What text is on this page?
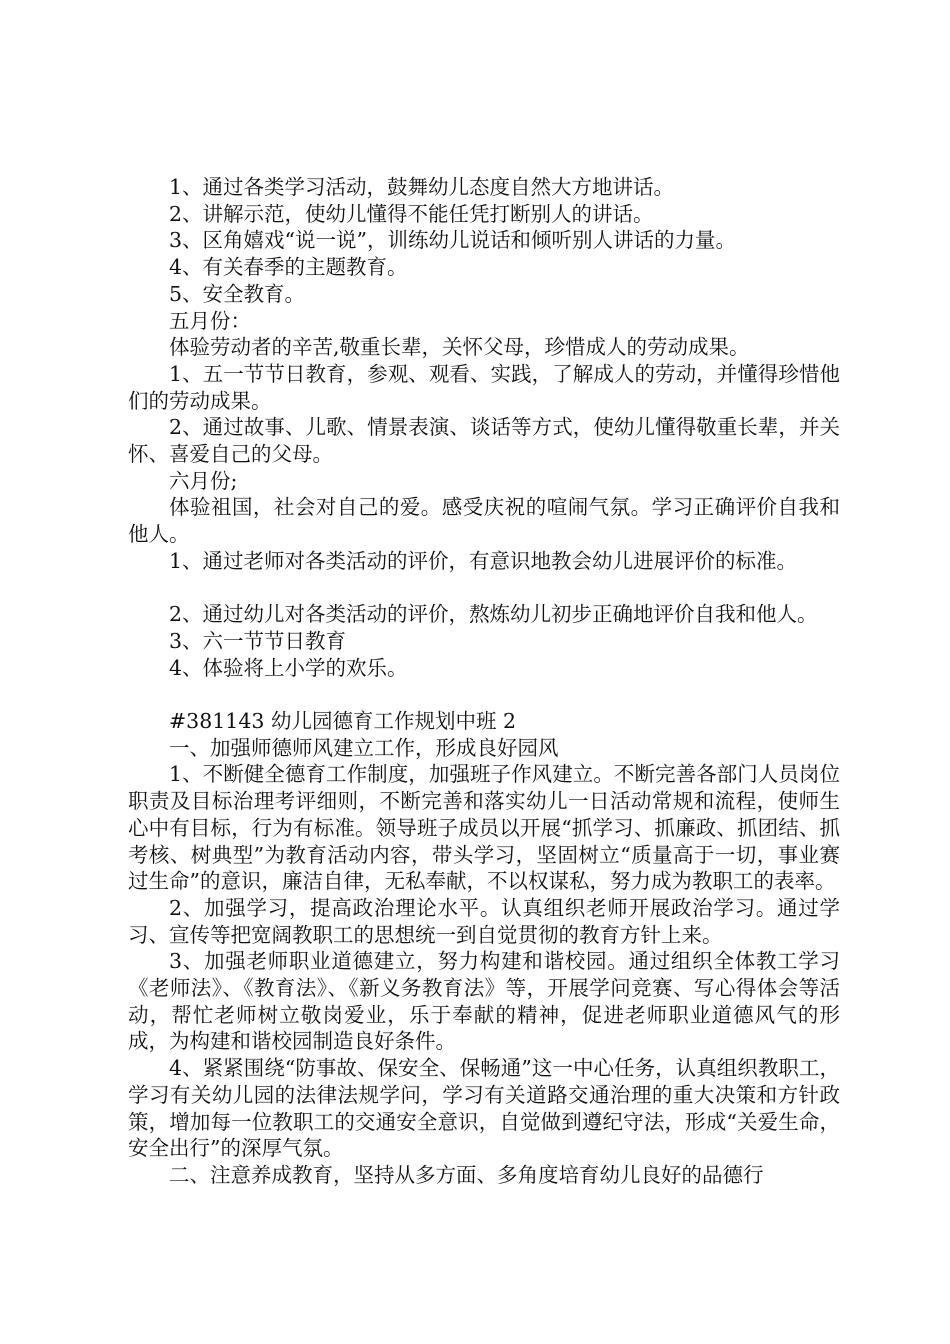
1、通过各类学习活动，鼓舞幼儿态度自然大方地讲话。

2、讲解示范，使幼儿懂得不能任凭打断别人的讲话。

3、区角嬉戏“说一说”，训练幼儿说话和倾听别人讲话的力量。

4、有关春季的主题教育。

5、安全教育。

五月份：

体验劳动者的辛苦,敬重长辈，关怀父母，珍惜成人的劳动成果。

1、五一节节日教育，参观、观看、实践，了解成人的劳动，并懂得珍惜他们的劳动成果。

2、通过故事、儿歌、情景表演、谈话等方式，使幼儿懂得敬重长辈，并关怀、喜爱自己的父母。

六月份;

体验祖国，社会对自己的爱。感受庆祝的喧闹气氛。学习正确评价自我和他人。

1、通过老师对各类活动的评价，有意识地教会幼儿进展评价的标准。

2、通过幼儿对各类活动的评价，熬炼幼儿初步正确地评价自我和他人。

3、六一节节日教育

4、体验将上小学的欢乐。

#381143 幼儿园德育工作规划中班 2

一、加强师德师风建立工作，形成良好园风

1、不断健全德育工作制度，加强班子作风建立。不断完善各部门人员岗位职责及目标治理考评细则，不断完善和落实幼儿一日活动常规和流程，使师生心中有目标，行为有标准。领导班子成员以开展“抓学习、抓廉政、抓团结、抓考核、树典型”为教育活动内容，带头学习，坚固树立“质量高于一切，事业赛过生命”的意识，廉洁自律，无私奉献，不以权谋私，努力成为教职工的表率。

2、加强学习，提高政治理论水平。认真组织老师开展政治学习。通过学习、宣传等把宽阔教职工的思想统一到自觉贯彻的教育方针上来。

3、加强老师职业道德建立，努力构建和谐校园。通过组织全体教工学习《老师法》、《教育法》、《新义务教育法》等，开展学问竞赛、写心得体会等活动，帮忙老师树立敬岗爱业，乐于奉献的精神，促进老师职业道德风气的形成，为构建和谐校园制造良好条件。

4、紧紧围绕“防事故、保安全、保畅通”这一中心任务，认真组织教职工，学习有关幼儿园的法律法规学问，学习有关道路交通治理的重大决策和方针政策，增加每一位教职工的交通安全意识，自觉做到遵纪守法，形成“关爱生命，安全出行”的深厚气氛。

二、注意养成教育，坚持从多方面、多角度培育幼儿良好的品德行
